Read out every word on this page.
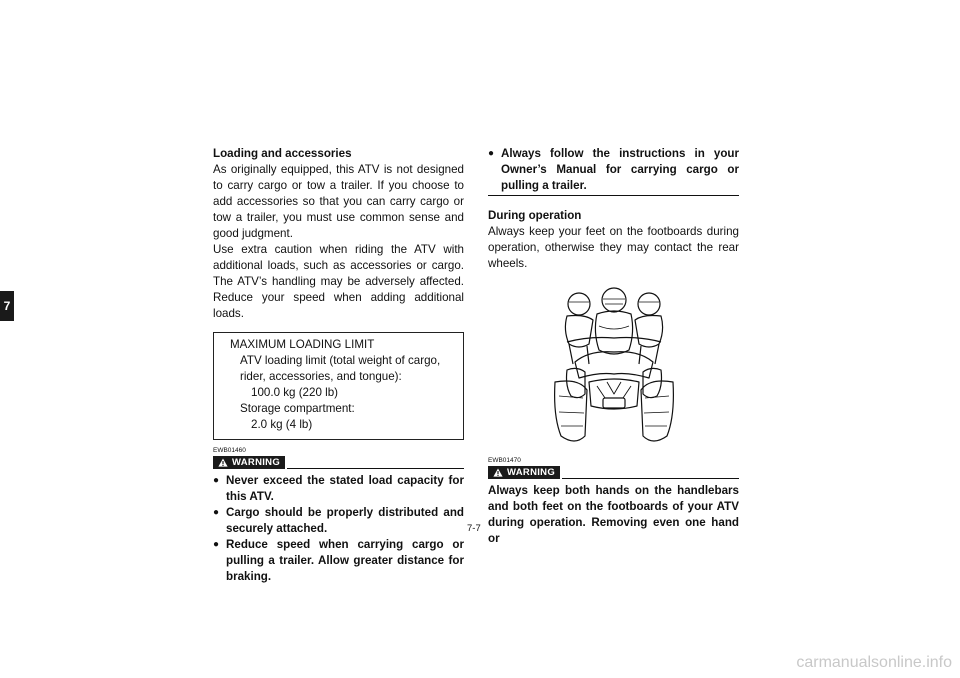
7
Loading and accessories
As originally equipped, this ATV is not designed to carry cargo or tow a trailer. If you choose to add accessories so that you can carry cargo or tow a trailer, you must use common sense and good judgment.
Use extra caution when riding the ATV with additional loads, such as accessories or cargo. The ATV’s handling may be adversely affected. Reduce your speed when adding additional loads.
MAXIMUM LOADING LIMIT
ATV loading limit (total weight of cargo, rider, accessories, and tongue):
100.0 kg (220 lb)
Storage compartment:
2.0 kg (4 lb)
EWB01460
WARNING
● Never exceed the stated load capacity for this ATV.
● Cargo should be properly distributed and securely attached.
● Reduce speed when carrying cargo or pulling a trailer. Allow greater distance for braking.
● Always follow the instructions in your Owner’s Manual for carrying cargo or pulling a trailer.
During operation
Always keep your feet on the footboards during operation, otherwise they may contact the rear wheels.
EWB01470
WARNING
Always keep both hands on the handlebars and both feet on the footboards of your ATV during operation. Removing even one hand or
7-7
carmanualsonline.info
